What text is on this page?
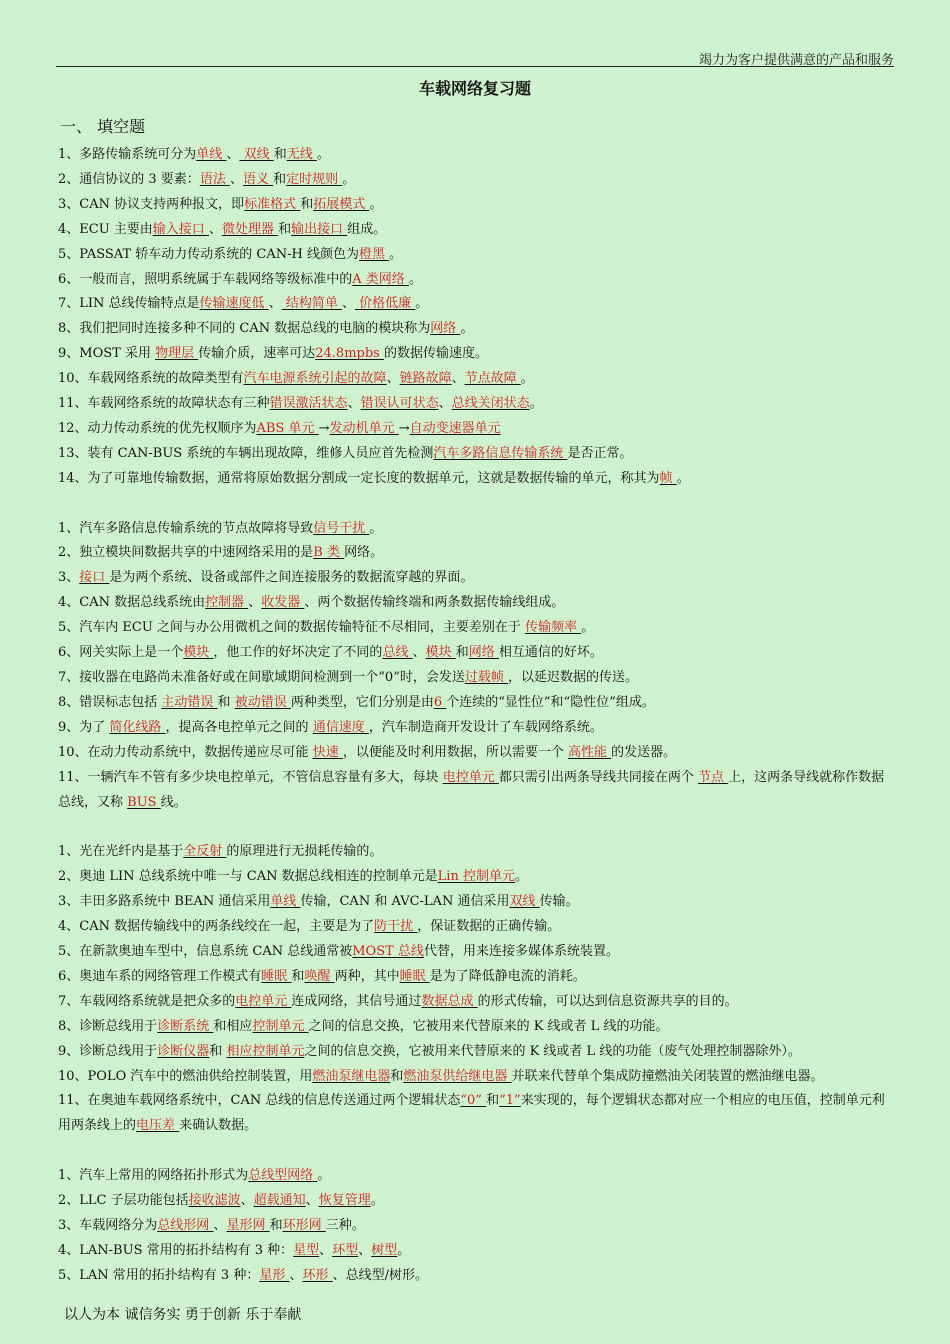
竭力为客户提供满意的产品和服务
车载网络复习题
一、 填空题
1、多路传输系统可分为单线 、 双线 和无线 。
2、通信协议的 3 要素：语法 、语义 和定时规则 。
3、CAN 协议支持两种报文，即标准格式 和拓展模式 。
4、ECU 主要由输入接口 、微处理器 和输出接口 组成。
5、PASSAT 轿车动力传动系统的 CAN-H 线颜色为橙黑 。
6、一般而言，照明系统属于车载网络等级标准中的A 类网络 。
7、LIN 总线传输特点是传输速度低 、 结构简单 、 价格低廉 。
8、我们把同时连接多种不同的 CAN 数据总线的电脑的模块称为网络 。
9、MOST 采用 物理层 传输介质，速率可达24.8mpbs 的数据传输速度。
10、车载网络系统的故障类型有汽车电源系统引起的故障、链路故障、节点故障 。
11、车载网络系统的故障状态有三种错误激活状态、错误认可状态、总线关闭状态。
12、动力传动系统的优先权顺序为ABS 单元 →发动机单元 →自动变速器单元
13、装有 CAN-BUS 系统的车辆出现故障，维修人员应首先检测汽车多路信息传输系统 是否正常。
14、为了可靠地传输数据，通常将原始数据分割成一定长度的数据单元，这就是数据传输的单元，称其为帧 。
1、汽车多路信息传输系统的节点故障将导致信号干扰 。
2、独立模块间数据共享的中速网络采用的是B 类 网络。
3、接口 是为两个系统、设备或部件之间连接服务的数据流穿越的界面。
4、CAN 数据总线系统由控制器 、收发器 、两个数据传输终端和两条数据传输线组成。
5、汽车内 ECU 之间与办公用微机之间的数据传输特征不尽相同，主要差别在于 传输频率 。
6、网关实际上是一个模块 ，他工作的好坏决定了不同的总线 、模块 和网络 相互通信的好坏。
7、接收器在电路尚未准备好或在间歇域期间检测到一个“0”时，会发送过载帧 ，以延迟数据的传送。
8、错误标志包括 主动错误 和 被动错误 两种类型，它们分别是由6 个连续的“显性位”和“隐性位”组成。
9、为了 简化线路 ，提高各电控单元之间的 通信速度 ，汽车制造商开发设计了车载网络系统。
10、在动力传动系统中，数据传递应尽可能 快速 ，以便能及时利用数据，所以需要一个 高性能 的发送器。
11、一辆汽车不管有多少块电控单元，不管信息容量有多大，每块 电控单元 都只需引出两条导线共同接在两个 节点 上，这两条导线就称作数据总线，又称 BUS 线。
1、光在光纤内是基于全反射 的原理进行无损耗传输的。
2、奥迪 LIN 总线系统中唯一与 CAN 数据总线相连的控制单元是Lin 控制单元。
3、丰田多路系统中 BEAN 通信采用单线 传输，CAN 和 AVC-LAN 通信采用双线 传输。
4、CAN 数据传输线中的两条线绞在一起，主要是为了防干扰 ，保证数据的正确传输。
5、在新款奥迪车型中，信息系统 CAN 总线通常被MOST 总线代替，用来连接多媒体系统装置。
6、奥迪车系的网络管理工作模式有睡眠 和唤醒 两种，其中睡眠 是为了降低静电流的消耗。
7、车载网络系统就是把众多的电控单元 连成网络，其信号通过数据总成 的形式传输，可以达到信息资源共享的目的。
8、诊断总线用于诊断系统 和相应控制单元 之间的信息交换，它被用来代替原来的 K 线或者 L 线的功能。
9、诊断总线用于诊断仪器和 相应控制单元之间的信息交换，它被用来代替原来的 K 线或者 L 线的功能（废气处理控制器除外）。
10、POLO 汽车中的燃油供给控制装置，用燃油泵继电器和燃油泵供给继电器 并联来代替单个集成防撞燃油关闭装置的燃油继电器。
11、在奥迪车载网络系统中，CAN 总线的信息传送通过两个逻辑状态“0” 和“1”来实现的，每个逻辑状态都对应一个相应的电压值，控制单元利用两条线上的电压差 来确认数据。
1、汽车上常用的网络拓扑形式为总线型网络 。
2、LLC 子层功能包括接收滤波、超载通知、恢复管理。
3、车载网络分为总线形网 、星形网 和环形网 三种。
4、LAN-BUS 常用的拓扑结构有 3 种：星型、环型、树型。
5、LAN 常用的拓扑结构有 3 种：星形 、环形 、总线型/树形。
以人为本 诚信务实 勇于创新 乐于奉献
